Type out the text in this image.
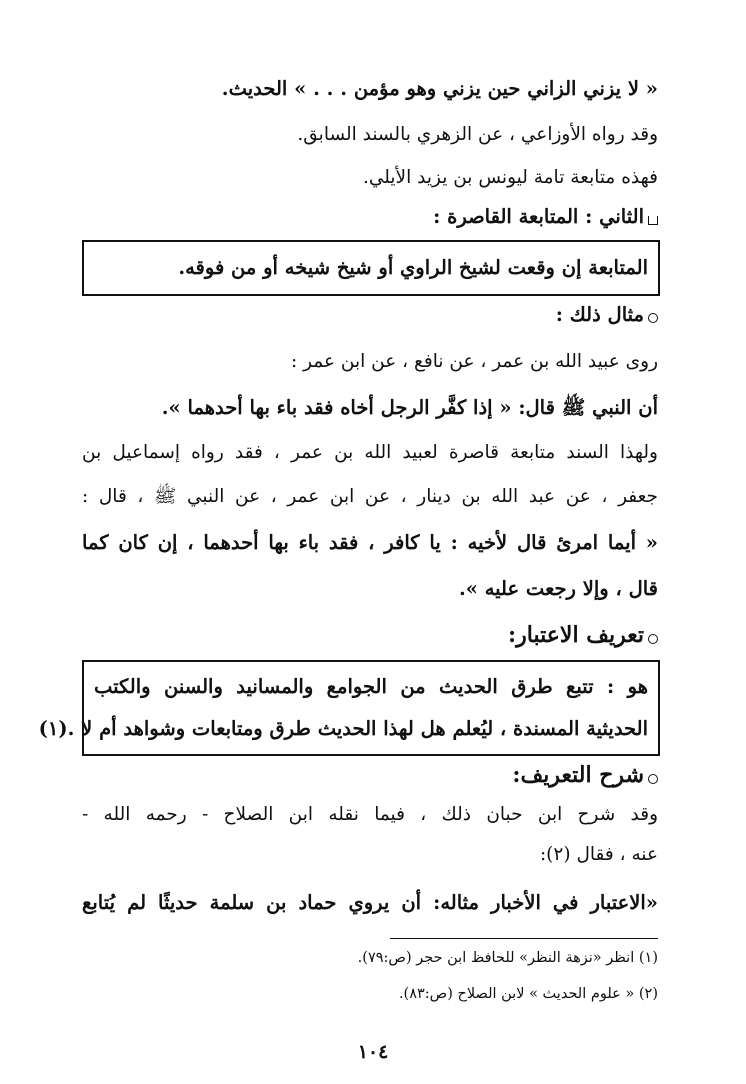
« لا يزني الزاني حين يزني وهو مؤمن . . . » الحديث.
وقد رواه الأوزاعي ، عن الزهري بالسند السابق.
فهذه متابعة تامة ليونس بن يزيد الأيلي.
الثاني : المتابعة القاصرة :
المتابعة إن وقعت لشيخ الراوي أو شيخ شيخه أو من فوقه.
مثال ذلك :
روى عبيد الله بن عمر ، عن نافع ، عن ابن عمر :
أن النبي ﷺ قال: « إذا كفَّر الرجل أخاه فقد باء بها أحدهما ».
ولهذا السند متابعة قاصرة لعبيد الله بن عمر ، فقد رواه إسماعيل بن
جعفر ، عن عبد الله بن دينار ، عن ابن عمر ، عن النبي ﷺ ، قال :
« أيما امرئ قال لأخيه : يا كافر ، فقد باء بها أحدهما ، إن كان كما
قال ، وإلا رجعت عليه ».
تعريف الاعتبار:
هو : تتبع طرق الحديث من الجوامع والمسانيد والسنن والكتب
الحديثية المسندة ، ليُعلم هل لهذا الحديث طرق ومتابعات وشواهد أم لا .(١)
شرح التعريف:
وقد شرح ابن حبان ذلك ، فيما نقله ابن الصلاح - رحمه الله -
عنه ، فقال (٢):
«الاعتبار في الأخبار مثاله: أن يروي حماد بن سلمة حديثًا لم يُتابع
(١) انظر «نزهة النظر» للحافظ ابن حجر (ص:٧٩).
(٢) « علوم الحديث » لابن الصلاح (ص:٨٣).
١٠٤
